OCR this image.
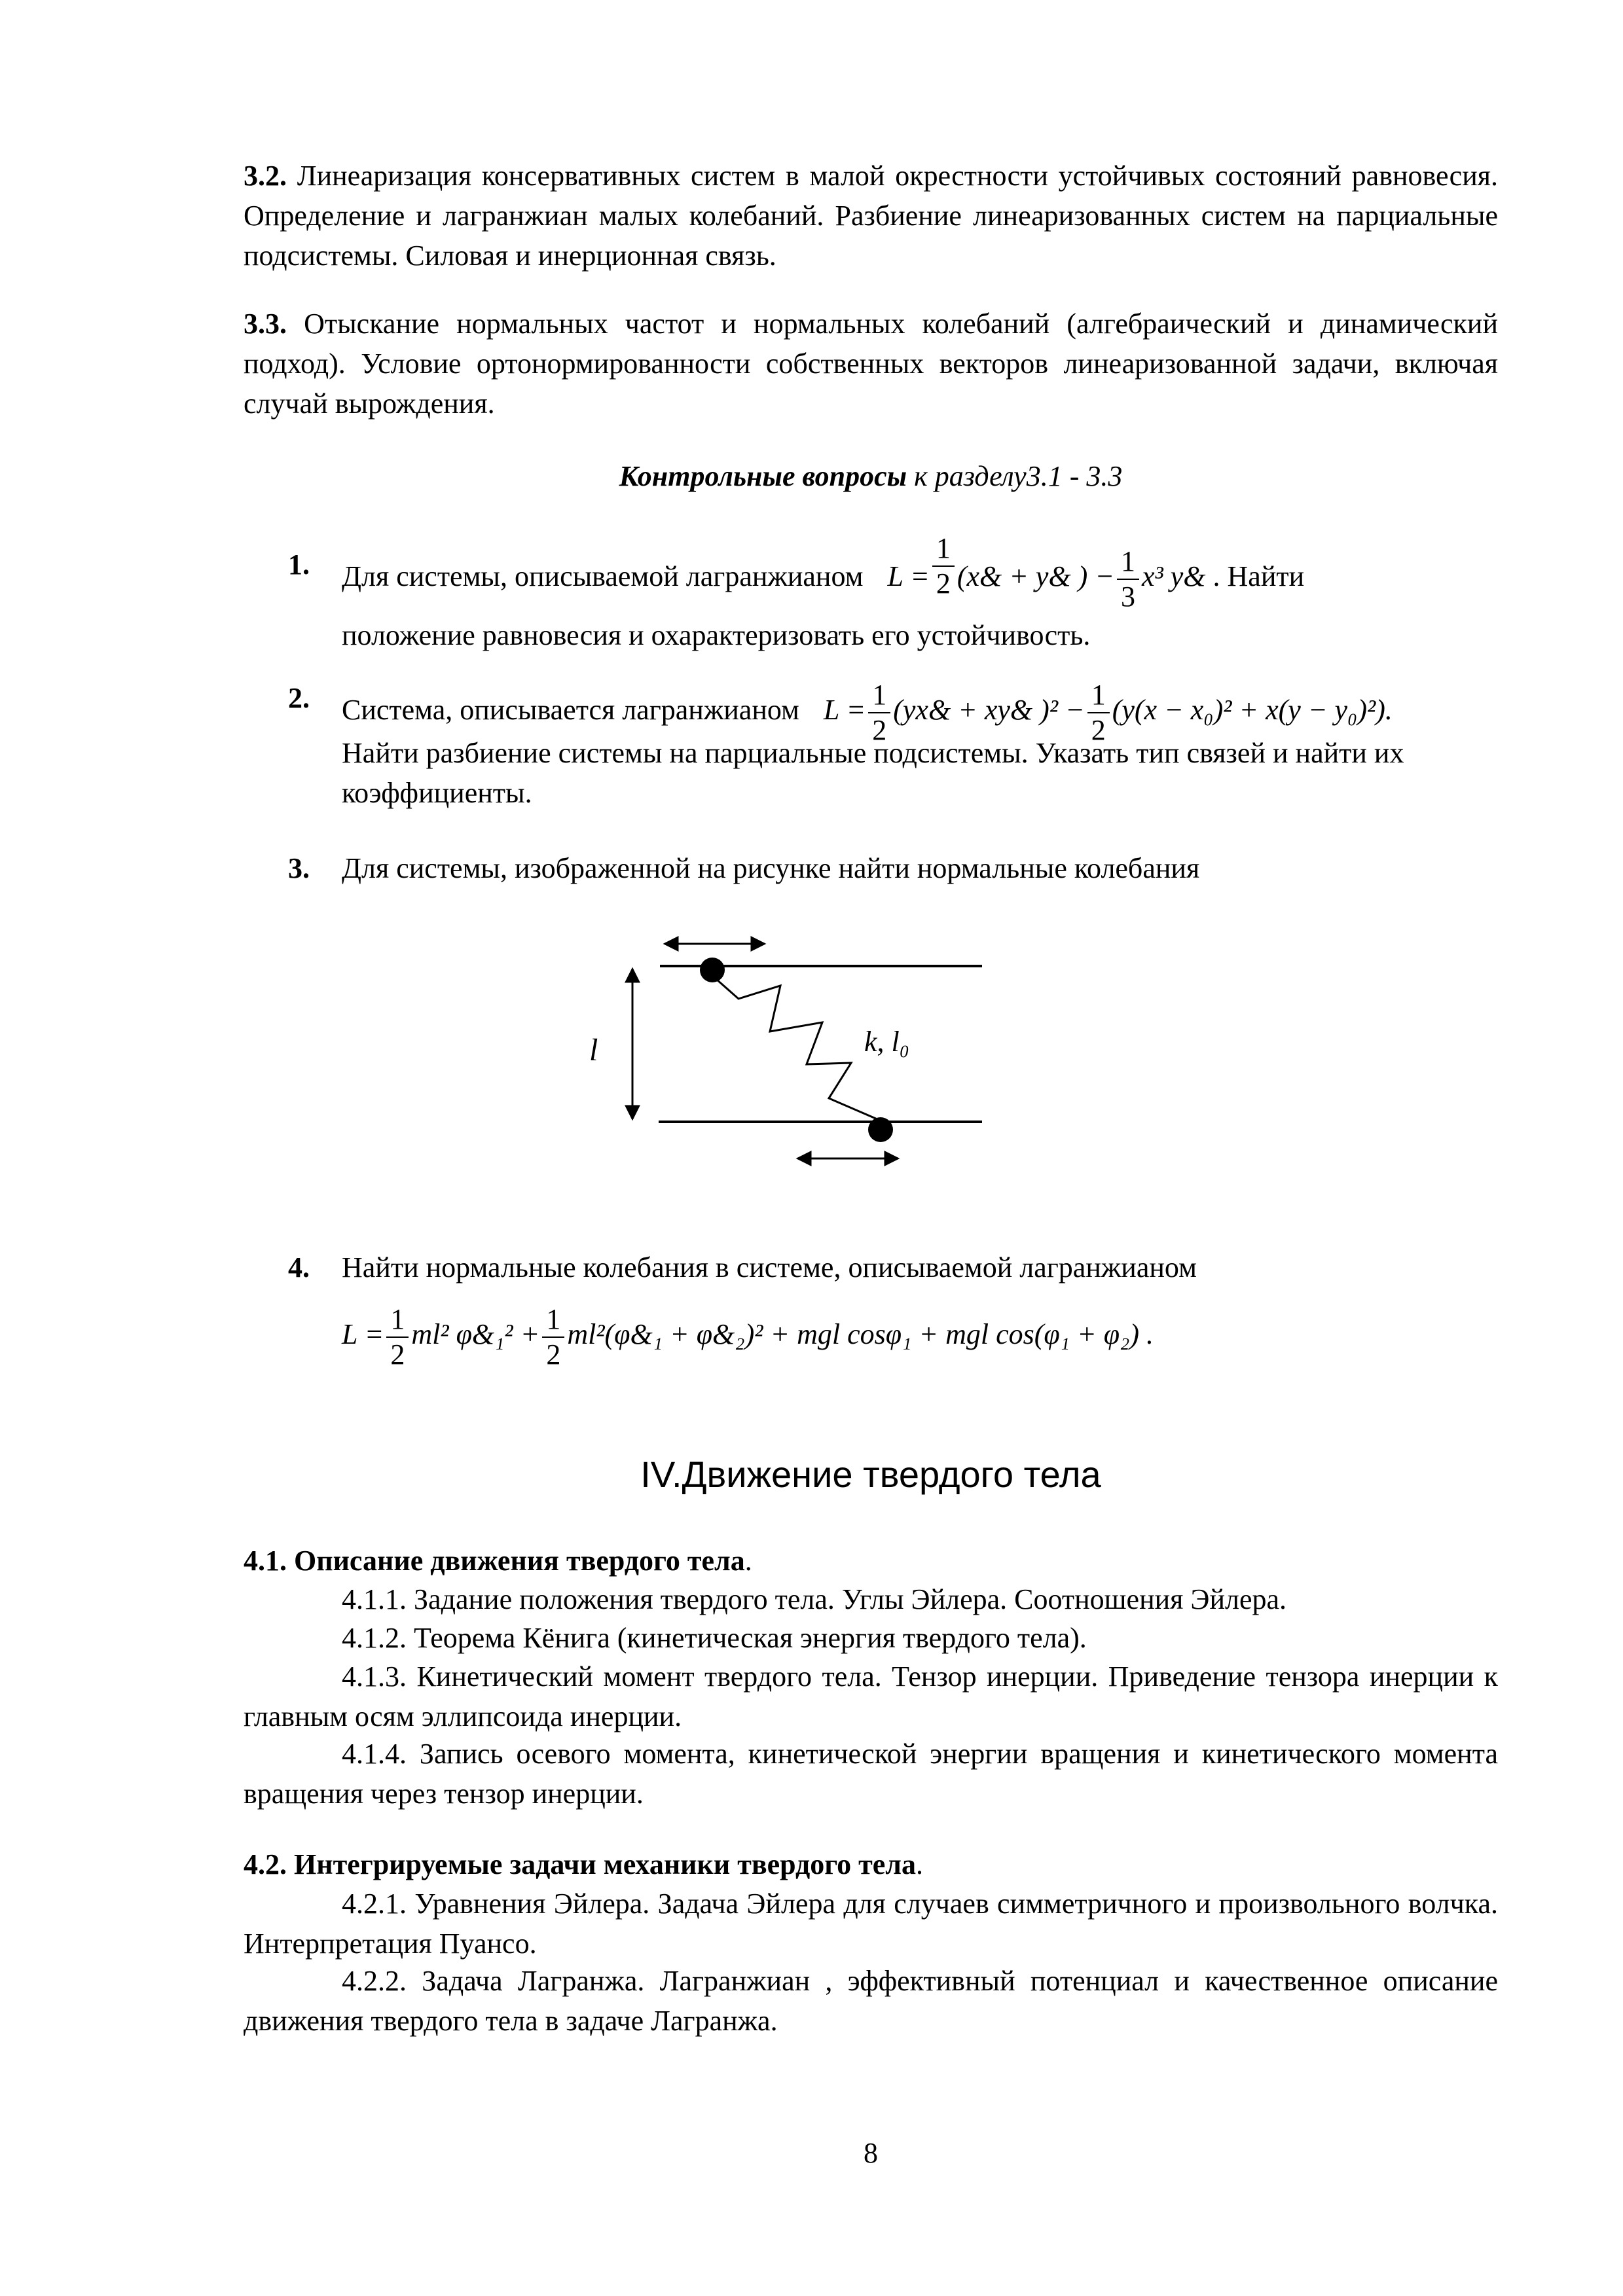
3.2. Линеаризация консервативных систем в малой окрестности устойчивых состояний равновесия. Определение и лагранжиан малых колебаний. Разбиение линеаризованных систем на парциальные подсистемы. Силовая и инерционная связь.
3.3. Отыскание нормальных частот и нормальных колебаний (алгебраический и динамический подход). Условие ортонормированности собственных векторов линеаризованной задачи, включая случай вырождения.
Контрольные вопросы к разделу3.1 - 3.3
1. Для системы, описываемой лагранжианом $L = \frac{1}{2}$ (x& + y& ) − $\frac{1}{3} x^3$ y& . Найти
положение равновесия и охарактеризовать его устойчивость.
2. Система, описывается лагранжианом $L = \frac{1}{2}$ (yx& + xy& )$^2 - \frac{1}{2} (y(x - x_0)^2 + x(y - y_0)^2)$.
Найти разбиение системы на парциальные подсистемы. Указать тип связей и найти их коэффициенты.
3. Для системы, изображенной на рисунке найти нормальные колебания
l	k, l₀
4. Найти нормальные колебания в системе, описываемой лагранжианом
$L = \frac{1}{2} ml^2$ φ&₁² + $\frac{1}{2}$ ml²(φ&₁ + φ&₂)² + mgl cosφ₁ + mgl cos(φ₁ + φ₂) .
IV.Движение твердого тела
4.1. Описание движения твердого тела.
4.1.1. Задание положения твердого тела. Углы Эйлера. Соотношения Эйлера.
4.1.2. Теорема Кёнига (кинетическая энергия твердого тела).
4.1.3. Кинетический момент твердого тела. Тензор инерции. Приведение тензора инерции к главным осям эллипсоида инерции.
4.1.4. Запись осевого момента, кинетической энергии вращения и кинетического момента вращения через тензор инерции.
4.2. Интегрируемые задачи механики твердого тела.
4.2.1. Уравнения Эйлера. Задача Эйлера для случаев симметричного и произвольного волчка. Интерпретация Пуансо.
4.2.2. Задача Лагранжа. Лагранжиан , эффективный потенциал и качественное описание движения твердого тела в задаче Лагранжа.
8
